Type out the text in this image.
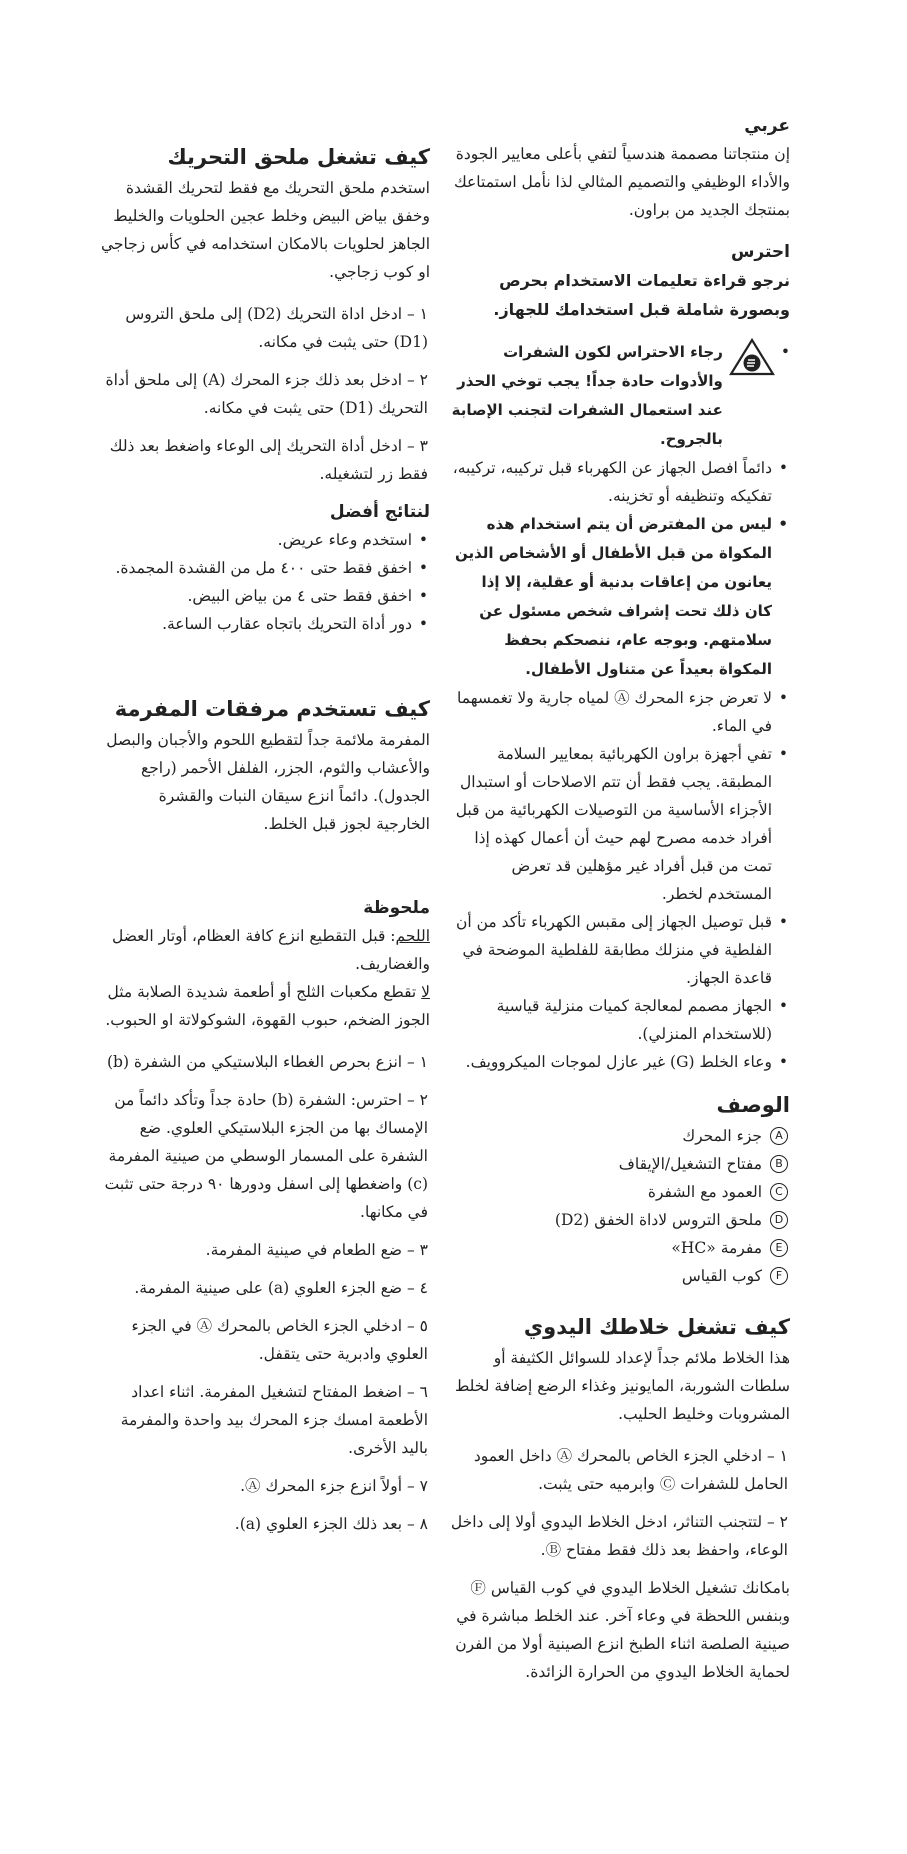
عربي

إن منتجاتنا مصممة هندسياً لتفي بأعلى معايير الجودة والأداء الوظيفي والتصميم المثالي لذا نأمل استمتاعك بمنتجك الجديد من براون.

احترس

نرجو قراءة تعليمات الاستخدام بحرص وبصورة شاملة قبل استخدامك للجهاز.

•

رجاء الاحتراس لكون الشفرات والأدوات حادة جداً! يجب توخي الحذر عند استعمال الشفرات لتجنب الإصابة بالجروح.

• دائماً افصل الجهاز عن الكهرباء قبل تركيبه، تركيبه، تفكيكه وتنظيفه أو تخزينه.
• ليس من المفترض أن يتم استخدام هذه المكواة من قبل الأطفال أو الأشخاص الذين يعانون من إعاقات بدنية أو عقلية، إلا إذا كان ذلك تحت إشراف شخص مسئول عن سلامتهم. وبوجه عام، ننصحكم بحفظ المكواة بعيداً عن متناول الأطفال.
• لا تعرض جزء المحرك Ⓐ لمياه جارية ولا تغمسهما في الماء.
• تفي أجهزة براون الكهربائية بمعايير السلامة المطبقة. يجب فقط أن تتم الاصلاحات أو استبدال الأجزاء الأساسية من التوصيلات الكهربائية من قبل أفراد خدمه مصرح لهم حيث أن أعمال كهذه إذا تمت من قبل أفراد غير مؤهلين قد تعرض المستخدم لخطر.
• قبل توصيل الجهاز إلى مقبس الكهرباء تأكد من أن الفلطية في منزلك مطابقة للفلطية الموضحة في قاعدة الجهاز.
• الجهاز مصمم لمعالجة كميات منزلية قياسية (للاستخدام المنزلي).
• وعاء الخلط (G) غير عازل لموجات الميكروويف.
الوصف
A
جزء المحرك
B
مفتاح التشغيل/الإيقاف
C
العمود مع الشفرة
D
ملحق التروس لاداة الخفق (D2)
E
مفرمة «HC»
F
كوب القياس
كيف تشغل خلاطك اليدوي

هذا الخلاط ملائم جداً لإعداد للسوائل الكثيفة أو سلطات الشوربة، المايونيز وغذاء الرضع إضافة لخلط المشروبات وخليط الحليب.

١ – ادخلي الجزء الخاص بالمحرك Ⓐ داخل العمود الحامل للشفرات Ⓒ وابرميه حتى يثبت.
٢ – لتتجنب التناثر، ادخل الخلاط اليدوي أولا إلى داخل الوعاء، واحفظ بعد ذلك فقط مفتاح Ⓑ.

بامكانك تشغيل الخلاط اليدوي في كوب القياس Ⓕ وبنفس اللحظة في وعاء آخر. عند الخلط مباشرة في صينية الصلصة اثناء الطبخ انزع الصينية أولا من الفرن لحماية الخلاط اليدوي من الحرارة الزائدة.

كيف تشغل ملحق التحريك

استخدم ملحق التحريك مع فقط لتحريك القشدة وخفق بياض البيض وخلط عجين الحلويات والخليط الجاهز لحلويات بالامكان استخدامه في كأس زجاجي او كوب زجاجي.

١ – ادخل اداة التحريك (D2) إلى ملحق التروس (D1) حتى يثبت في مكانه.
٢ – ادخل بعد ذلك جزء المحرك (A) إلى ملحق أداة التحريك (D1) حتى يثبت في مكانه.
٣ – ادخل أداة التحريك إلى الوعاء واضغط بعد ذلك فقط زر لتشغيله.
لنتائج أفضل
• استخدم وعاء عريض.
• اخفق فقط حتى ٤٠٠ مل من القشدة المجمدة.
• اخفق فقط حتى ٤ من بياض البيض.
• دور أداة التحريك باتجاه عقارب الساعة.
كيف تستخدم مرفقات المفرمة

المفرمة ملائمة جداً لتقطيع اللحوم والأجبان والبصل والأعشاب والثوم، الجزر، الفلفل الأحمر (راجع الجدول). دائماً انزع سيقان النبات والقشرة الخارجية لجوز قبل الخلط.

ملحوظة

اللحم: قبل التقطيع انزع كافة العظام، أوتار العضل والغضاريف.

لا تقطع مكعبات الثلج أو أطعمة شديدة الصلابة مثل الجوز الضخم، حبوب القهوة، الشوكولاتة او الحبوب.

١ – انزع بحرص الغطاء البلاستيكي من الشفرة (b)
٢ – احترس: الشفرة (b) حادة جداً وتأكد دائماً من الإمساك بها من الجزء البلاستيكي العلوي. ضع الشفرة على المسمار الوسطي من صينية المفرمة (c) واضغطها إلى اسفل ودورها ٩٠ درجة حتى تثبت في مكانها.
٣ – ضع الطعام في صينية المفرمة.
٤ – ضع الجزء العلوي (a) على صينية المفرمة.
٥ – ادخلي الجزء الخاص بالمحرك Ⓐ في الجزء العلوي وادبرية حتى يتقفل.
٦ – اضغط المفتاح لتشغيل المفرمة. اثناء اعداد الأطعمة امسك جزء المحرك بيد واحدة والمفرمة باليد الأخرى.
٧ – أولاً انزع جزء المحرك Ⓐ.
٨ – بعد ذلك الجزء العلوي (a).
